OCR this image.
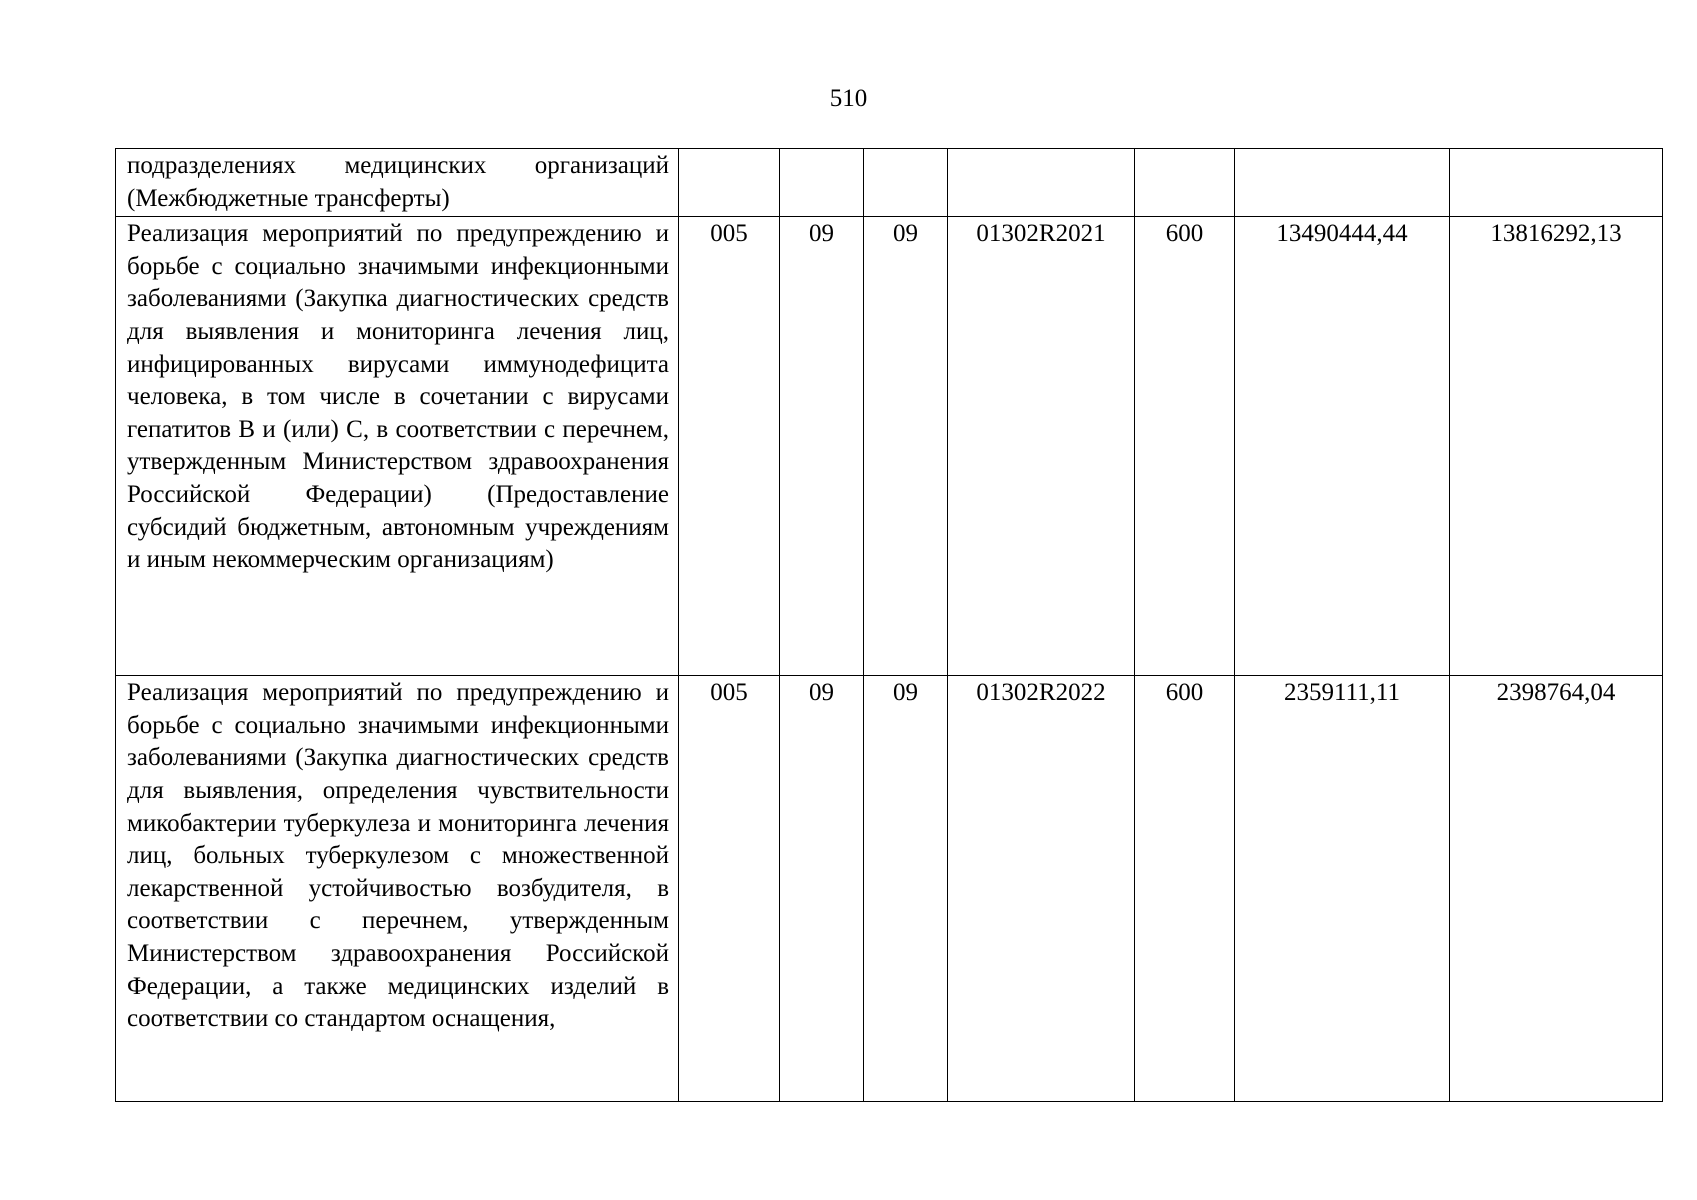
510
подразделениях медицинских организаций (Межбюджетные трансферты)							

Реализация мероприятий по предупреждению и борьбе с социально значимыми инфекционными заболеваниями (Закупка диагностических средств для выявления и мониторинга лечения лиц, инфицированных вирусами иммунодефицита человека, в том числе в сочетании с вирусами гепатитов В и (или) С, в соответствии с перечнем, утвержденным Министерством здравоохранения Российской Федерации) (Предоставление субсидий бюджетным, автономным учреждениям и иным некоммерческим организациям)	005	09	09	01302R2021	600	13490444,44	13816292,13

Реализация мероприятий по предупреждению и борьбе с социально значимыми инфекционными заболеваниями (Закупка диагностических средств для выявления, определения чувствительности микобактерии туберкулеза и мониторинга лечения лиц, больных туберкулезом с множественной лекарственной устойчивостью возбудителя, в соответствии с перечнем, утвержденным Министерством здравоохранения Российской Федерации, а также медицинских изделий в соответствии со стандартом оснащения,	005	09	09	01302R2022	600	2359111,11	2398764,04
